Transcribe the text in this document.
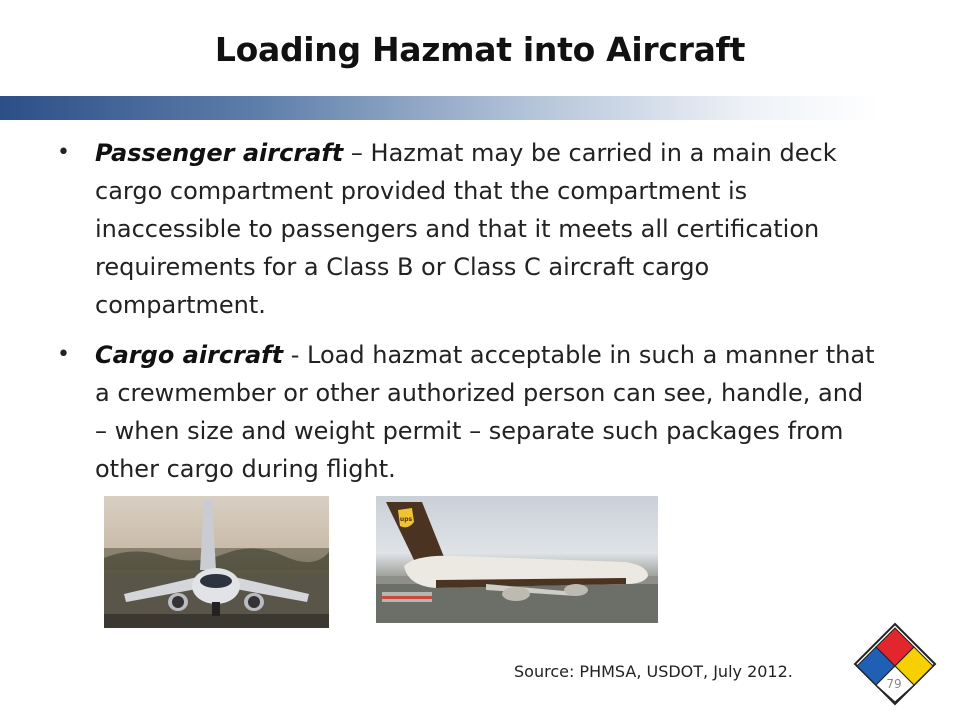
Loading Hazmat into Aircraft
• Passenger aircraft – Hazmat may be carried in a main deck cargo compartment provided that the compartment is inaccessible to passengers and that it meets all certification requirements for a Class B or Class C aircraft cargo compartment.
• Cargo aircraft - Load hazmat acceptable in such a manner that a crewmember or other authorized person can see, handle, and – when size and weight permit – separate such packages from other cargo during flight.
ups
Source: PHMSA, USDOT, July 2012.
79
